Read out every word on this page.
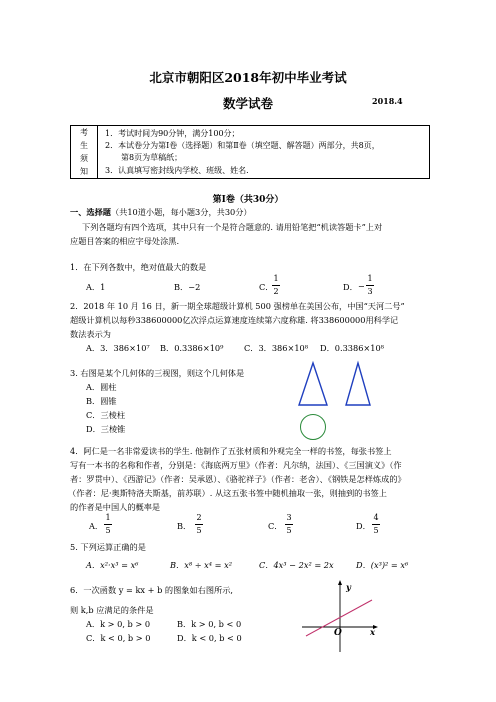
北京市朝阳区2018年初中毕业考试
数学试卷	2018.4
考
生
须
知
1．考试时间为90分钟，满分100分；
2．本试卷分为第Ⅰ卷（选择题）和第Ⅱ卷（填空题、解答题）两部分，共8页，
第8页为草稿纸；
3．认真填写密封线内学校、班级、姓名.
第Ⅰ卷（共30分）
一、选择题（共10道小题，每小题3分，共30分）
下列各题均有四个选项，其中只有一个是符合题意的. 请用铅笔把“机读答题卡”上对
应题目答案的相应字母处涂黑.
1．在下列各数中，绝对值最大的数是
A．1	B．−2	C．
1
2	D． −
1
3
2．2018 年 10 月 16 日，新一期全球超级计算机 500 强榜单在美国公布，中国“天河二号”
超级计算机以每秒338600000亿次浮点运算速度连续第六度称雄. 将338600000用科学记
数法表示为
A．3．386×10⁷ B．0.3386×10⁹	C．3．386×10⁸ D．0.3386×10⁸
3. 右图是某个几何体的三视图，则这个几何体是
A．圆柱
B．圆锥
C．三棱柱
D．三棱锥
4．阿仁是一名非常爱读书的学生. 他制作了五张材质和外观完全一样的书签，每张书签上
写有一本书的名称和作者，分别是：《海底两万里》（作者：凡尔纳，法国）、《三国演义》（作
者：罗贯中）、《西游记》（作者：吴承恩）、《骆驼祥子》（作者：老舍）、《钢铁是怎样炼成的》
（作者：尼·奥斯特洛夫斯基，前苏联）. 从这五张书签中随机抽取一张，则抽到的书签上
的作者是中国人的概率是
A．
1
5	B．
2
5	C．
3
5	D．
4
5
5. 下列运算正确的是
A．x²·x³ = x⁶	B．x⁸ ÷ x⁴ = x²	C．4x³ − 2x² = 2x	D．(x³)² = x⁶
6．一次函数 y = kx + b 的图象如右图所示,
则 k,b 应满足的条件是
A．k > 0, b > 0	B．k > 0, b < 0
C．k < 0, b > 0	D．k < 0, b < 0
y
x
O
